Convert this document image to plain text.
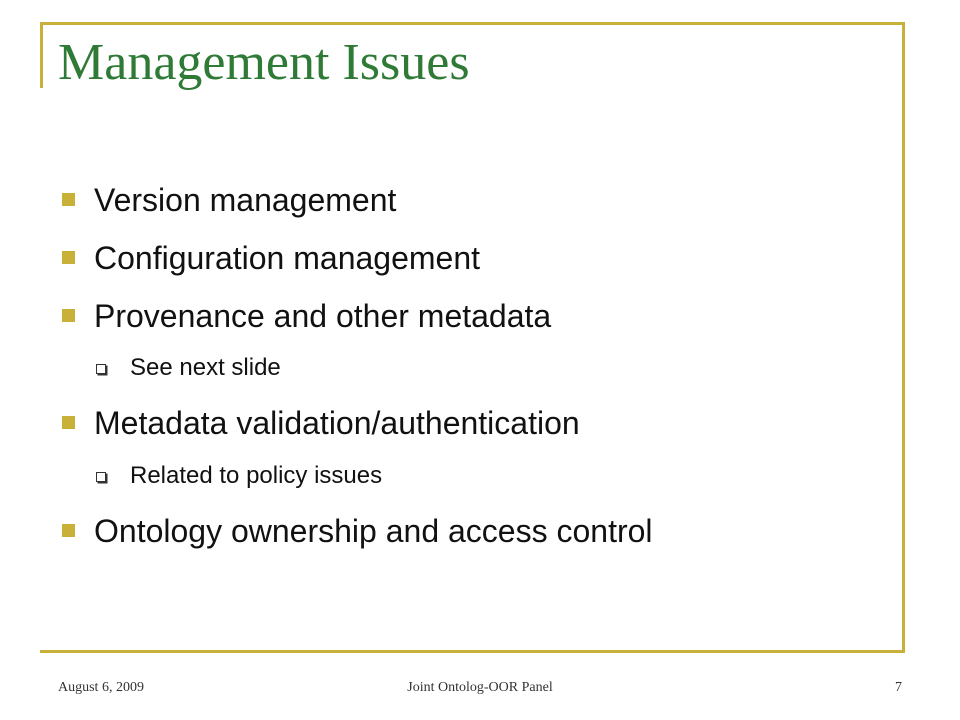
Management Issues
Version management
Configuration management
Provenance and other metadata
See next slide
Metadata validation/authentication
Related to policy issues
Ontology ownership and access control
August 6, 2009	Joint Ontolog-OOR Panel	7
